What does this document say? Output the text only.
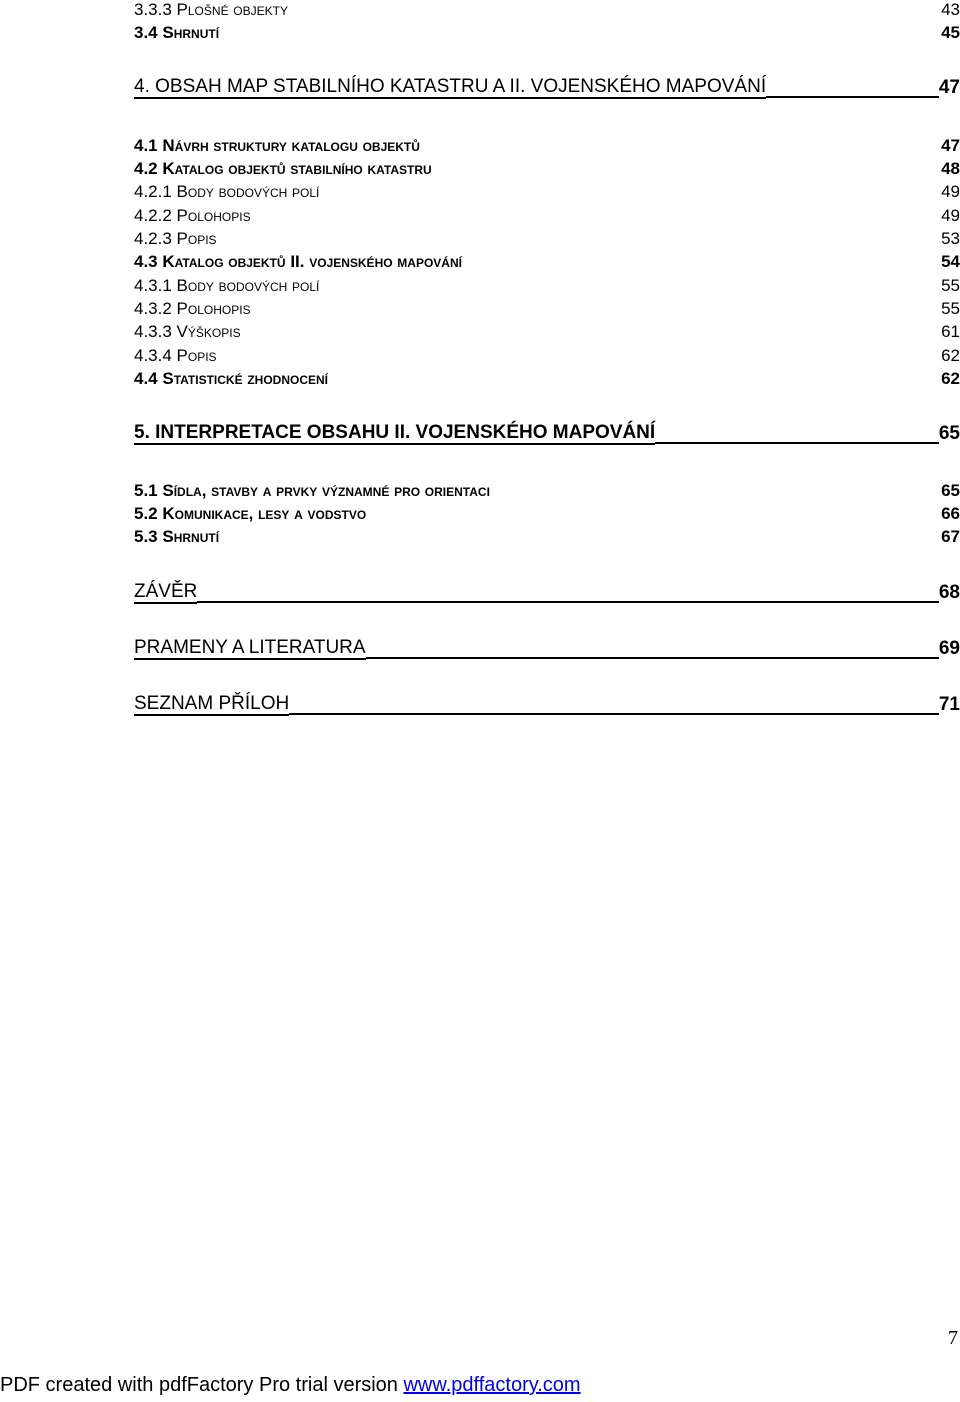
3.3.3 Plošné objekty	43
3.4 Shrnutí	45
4. OBSAH MAP STABILNÍHO KATASTRU A II. VOJENSKÉHO MAPOVÁNÍ	47
4.1 Návrh struktury katalogu objektů	47
4.2 Katalog objektů stabilního katastru	48
4.2.1 Body bodových polí	49
4.2.2 Polohopis	49
4.2.3 Popis	53
4.3 Katalog objektů II. vojenského mapování	54
4.3.1 Body bodových polí	55
4.3.2 Polohopis	55
4.3.3 Výškopis	61
4.3.4 Popis	62
4.4 Statistické zhodnocení	62
5. INTERPRETACE OBSAHU II. VOJENSKÉHO MAPOVÁNÍ	65
5.1 Sídla, stavby a prvky významné pro orientaci	65
5.2 Komunikace, lesy a vodstvo	66
5.3 Shrnutí	67
ZÁVĚR	68
PRAMENY A LITERATURA	69
SEZNAM PŘÍLOH	71
7
PDF created with pdfFactory Pro trial version www.pdffactory.com
